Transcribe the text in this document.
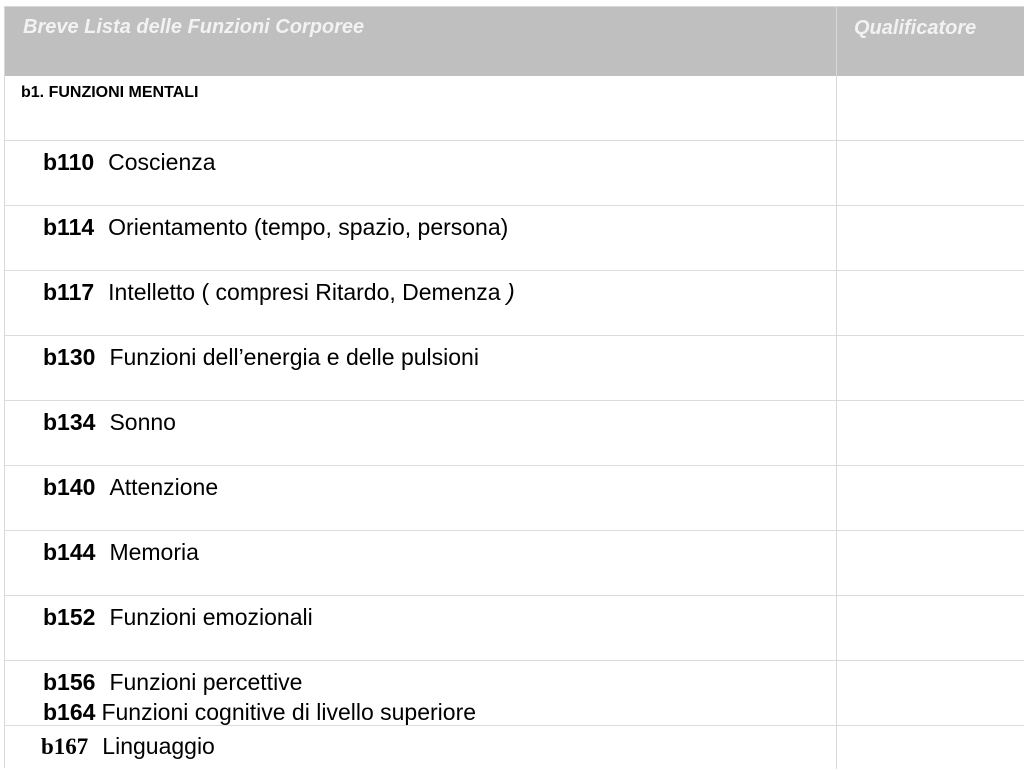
Breve Lista delle Funzioni Corporee	Qualificatore
b1. FUNZIONI MENTALI
b110 Coscienza
b114 Orientamento (tempo, spazio, persona)
b117 Intelletto ( compresi Ritardo, Demenza )
b130 Funzioni dell’energia e delle pulsioni
b134 Sonno
b140 Attenzione
b144 Memoria
b152 Funzioni emozionali
b156 Funzioni percettive
b164 Funzioni cognitive di livello superiore
b167 Linguaggio
